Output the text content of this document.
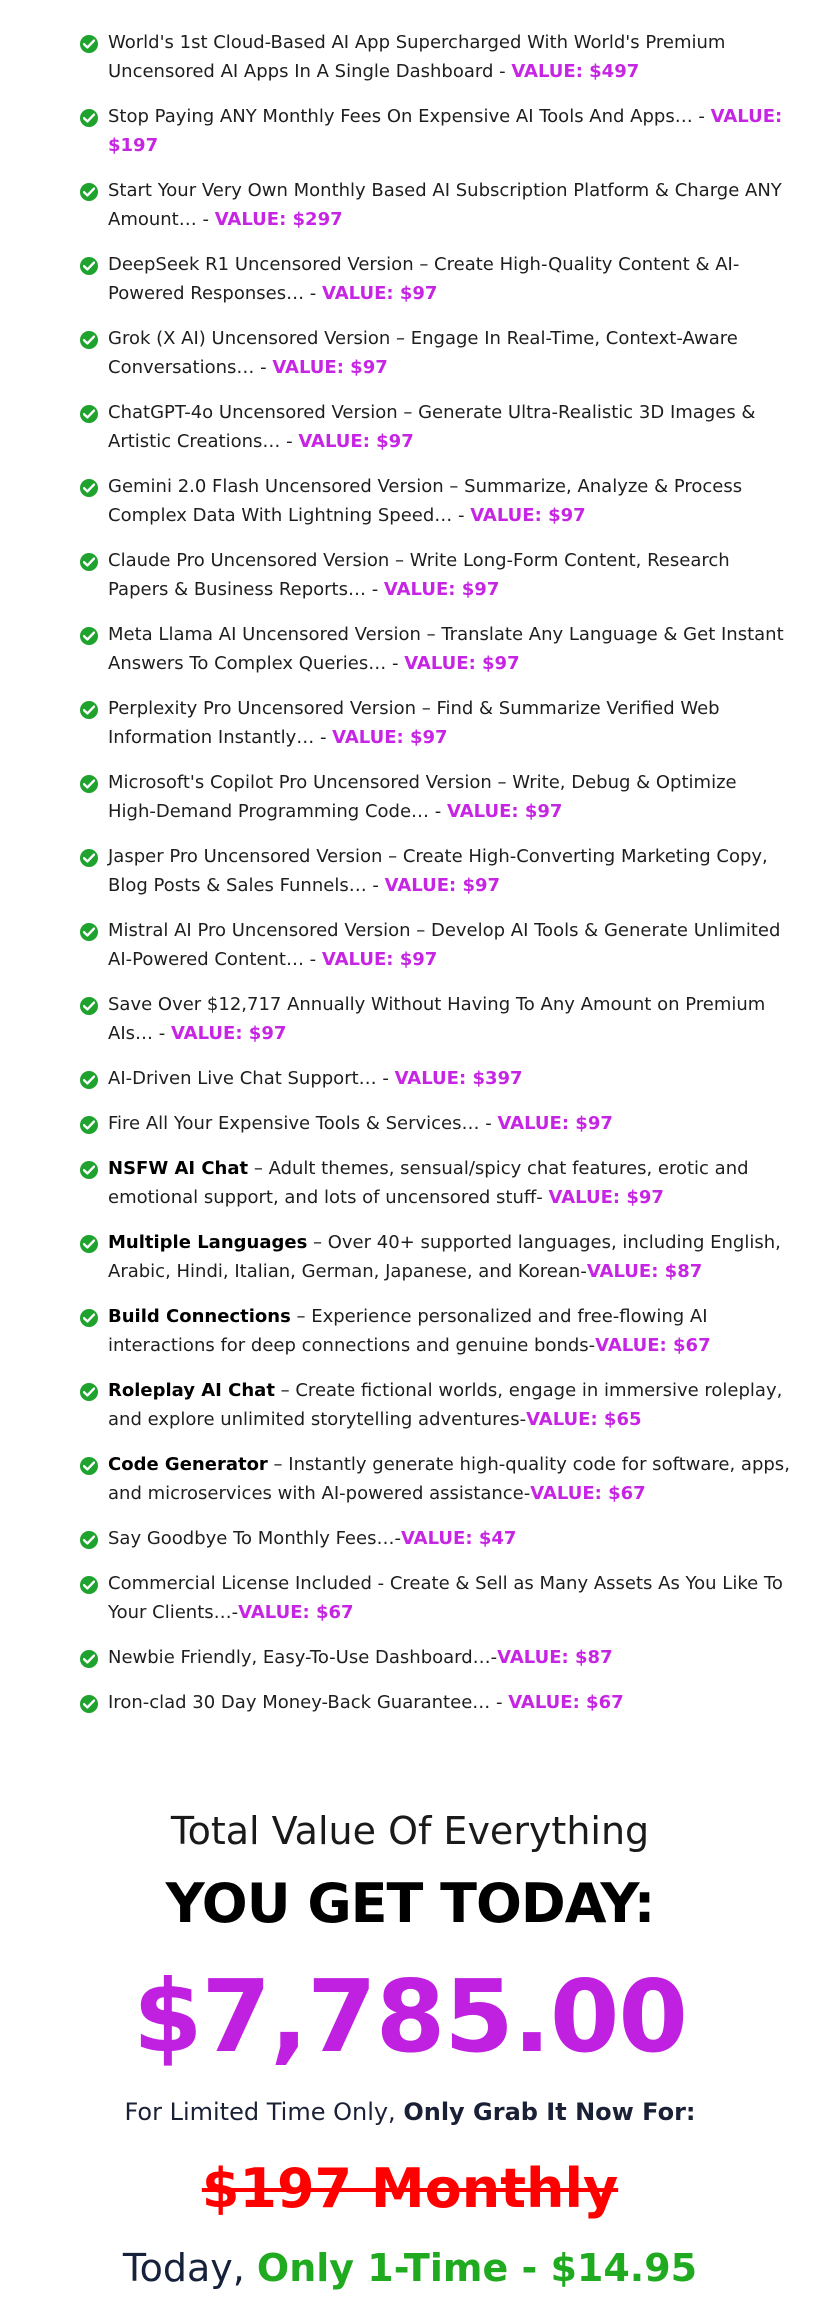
World's 1st Cloud-Based AI App Supercharged With World's Premium Uncensored AI Apps In A Single Dashboard - VALUE: $497
Stop Paying ANY Monthly Fees On Expensive AI Tools And Apps… - VALUE: $197
Start Your Very Own Monthly Based AI Subscription Platform & Charge ANY Amount… - VALUE: $297
DeepSeek R1 Uncensored Version – Create High-Quality Content & AI-Powered Responses… - VALUE: $97
Grok (X AI) Uncensored Version – Engage In Real-Time, Context-Aware Conversations… - VALUE: $97
ChatGPT-4o Uncensored Version – Generate Ultra-Realistic 3D Images & Artistic Creations… - VALUE: $97
Gemini 2.0 Flash Uncensored Version – Summarize, Analyze & Process Complex Data With Lightning Speed… - VALUE: $97
Claude Pro Uncensored Version – Write Long-Form Content, Research Papers & Business Reports… - VALUE: $97
Meta Llama AI Uncensored Version – Translate Any Language & Get Instant Answers To Complex Queries… - VALUE: $97
Perplexity Pro Uncensored Version – Find & Summarize Verified Web Information Instantly… - VALUE: $97
Microsoft's Copilot Pro Uncensored Version – Write, Debug & Optimize High-Demand Programming Code… - VALUE: $97
Jasper Pro Uncensored Version – Create High-Converting Marketing Copy, Blog Posts & Sales Funnels… - VALUE: $97
Mistral AI Pro Uncensored Version – Develop AI Tools & Generate Unlimited AI-Powered Content… - VALUE: $97
Save Over $12,717 Annually Without Having To Any Amount on Premium AIs… - VALUE: $97
AI-Driven Live Chat Support… - VALUE: $397
Fire All Your Expensive Tools & Services… - VALUE: $97
NSFW AI Chat – Adult themes, sensual/spicy chat features, erotic and emotional support, and lots of uncensored stuff- VALUE: $97
Multiple Languages – Over 40+ supported languages, including English, Arabic, Hindi, Italian, German, Japanese, and Korean-VALUE: $87
Build Connections – Experience personalized and free-flowing AI interactions for deep connections and genuine bonds-VALUE: $67
Roleplay AI Chat – Create fictional worlds, engage in immersive roleplay, and explore unlimited storytelling adventures-VALUE: $65
Code Generator – Instantly generate high-quality code for software, apps, and microservices with AI-powered assistance-VALUE: $67
Say Goodbye To Monthly Fees…-VALUE: $47
Commercial License Included - Create & Sell as Many Assets As You Like To Your Clients…-VALUE: $67
Newbie Friendly, Easy-To-Use Dashboard…-VALUE: $87
Iron-clad 30 Day Money-Back Guarantee… - VALUE: $67
Total Value Of Everything
YOU GET TODAY:
$7,785.00
For Limited Time Only, Only Grab It Now For:
$197 Monthly
Today, Only 1-Time - $14.95
